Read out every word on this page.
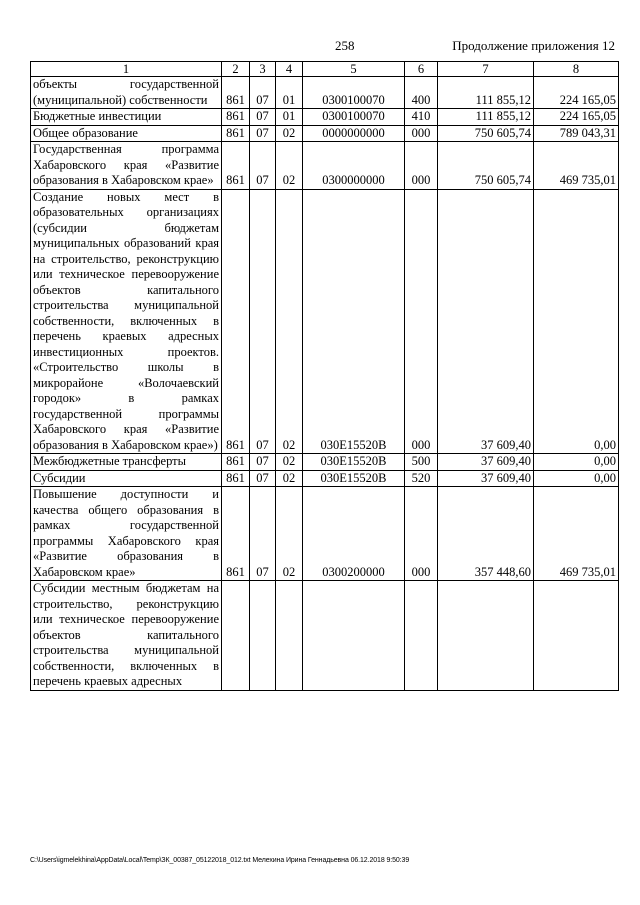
258	Продолжение приложения 12
1	2	3	4	5	6	7	8
объекты государственной (муниципальной) собственности	861	07	01	0300100070	400	111 855,12	224 165,05
Бюджетные инвестиции	861	07	01	0300100070	410	111 855,12	224 165,05
Общее образование	861	07	02	0000000000	000	750 605,74	789 043,31
Государственная программа Хабаровского края «Развитие образования в Хабаровском крае»	861	07	02	0300000000	000	750 605,74	469 735,01
Создание новых мест в образовательных организациях (субсидии бюджетам муниципальных образований края на строительство, реконструкцию или техническое перевооружение объектов капитального строительства муниципальной собственности, включенных в перечень краевых адресных инвестиционных проектов. «Строительство школы в микрорайоне «Волочаевский городок» в рамках государственной программы Хабаровского края «Развитие образования в Хабаровском крае»)	861	07	02	030E15520В	000	37 609,40	0,00
Межбюджетные трансферты	861	07	02	030E15520В	500	37 609,40	0,00
Субсидии	861	07	02	030E15520В	520	37 609,40	0,00
Повышение доступности и качества общего образования в рамках государственной программы Хабаровского края «Развитие образования в Хабаровском крае»	861	07	02	0300200000	000	357 448,60	469 735,01
Субсидии местным бюджетам на строительство, реконструкцию или техническое перевооружение объектов капитального строительства муниципальной собственности, включенных в перечень краевых адресных							
C:\Users\igmelekhina\AppData\Local\Temp\ЗК_00387_05122018_012.txt Мелехина Ирина Геннадьевна 06.12.2018 9:50:39
